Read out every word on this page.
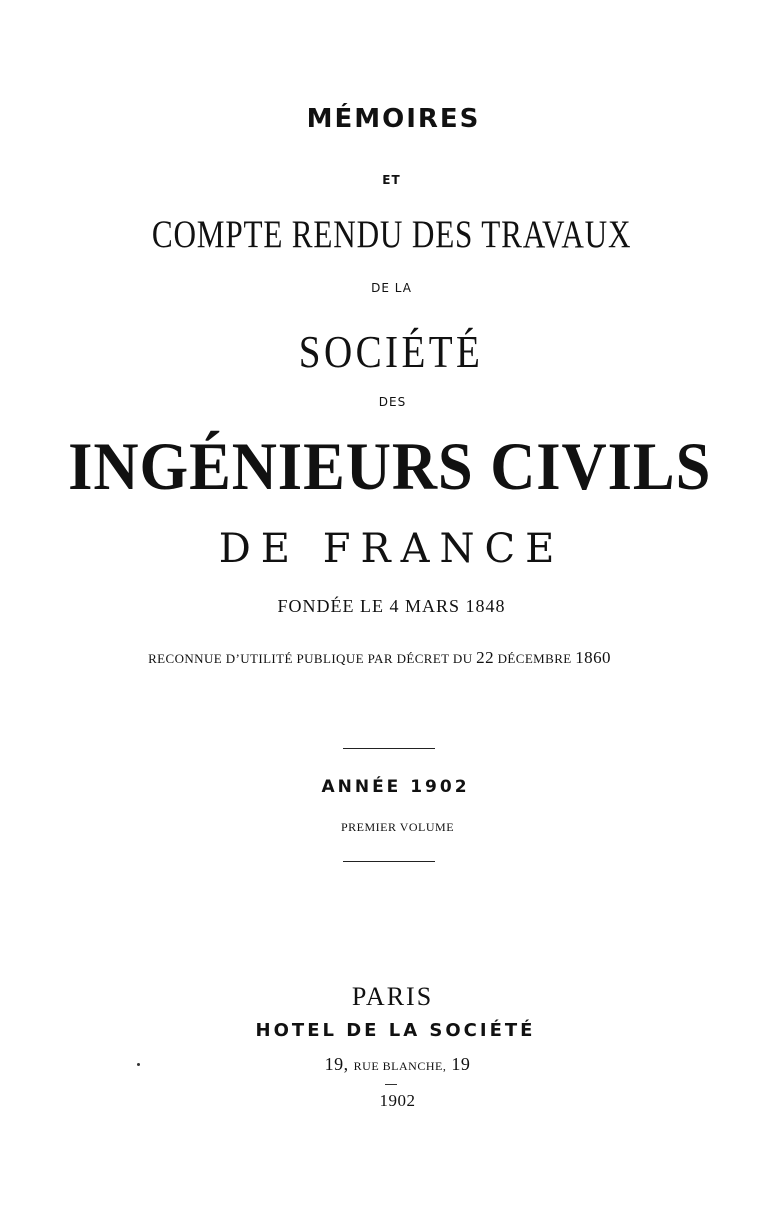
MÉMOIRES
ET
COMPTE RENDU DES TRAVAUX
DE LA
SOCIÉTÉ
DES
INGÉNIEURS CIVILS
DE FRANCE
FONDÉE LE 4 MARS 1848
RECONNUE D’UTILITÉ PUBLIQUE PAR DÉCRET DU 22 DÉCEMBRE 1860
ANNÉE 1902
PREMIER VOLUME
PARIS
HOTEL DE LA SOCIÉTÉ
19, RUE BLANCHE, 19
1902
